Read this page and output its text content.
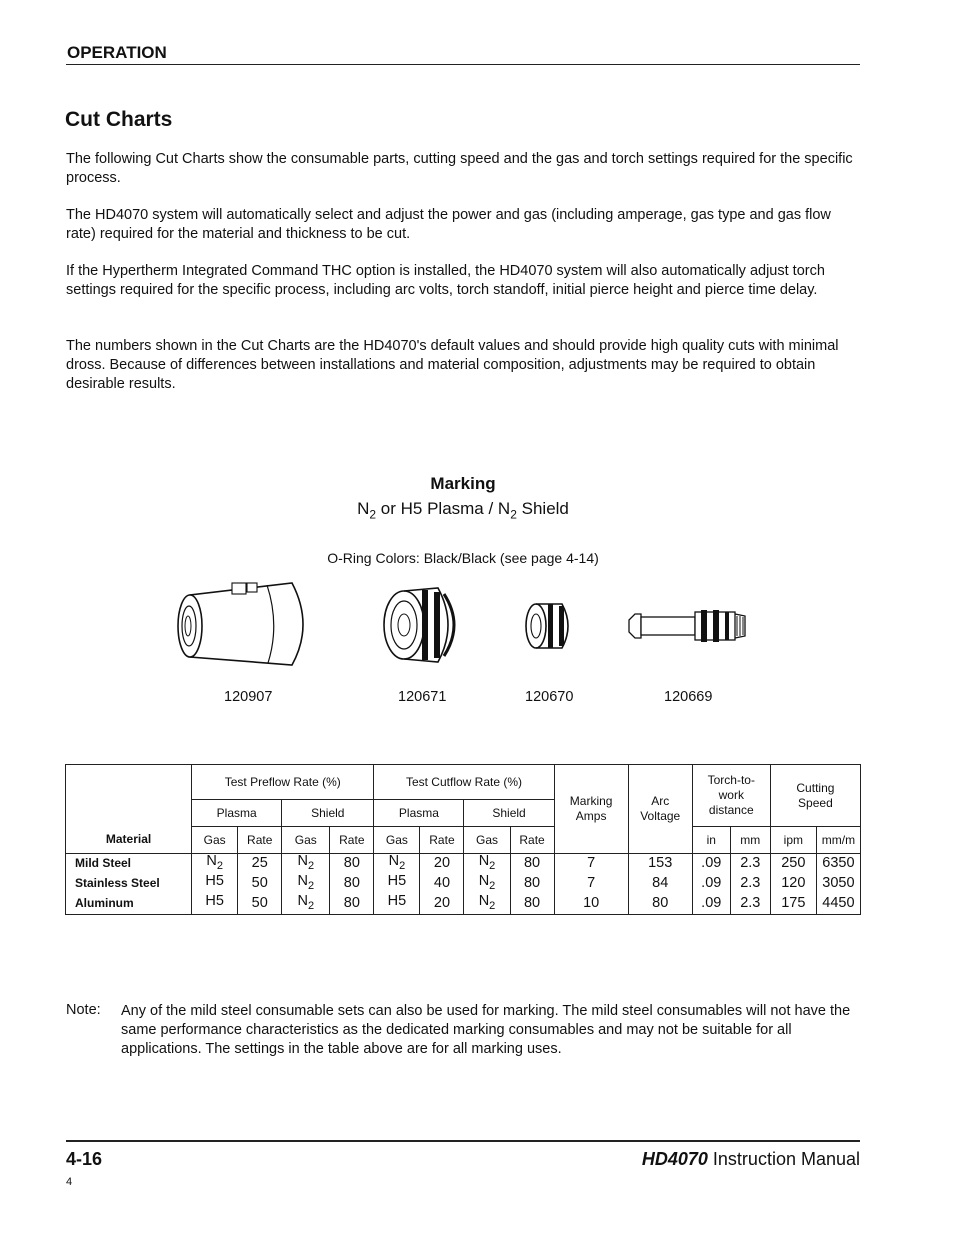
OPERATION
Cut Charts
The following Cut Charts show the consumable parts, cutting speed and the gas and torch settings required for the specific process.
The HD4070 system will automatically select and adjust the power and gas (including amperage, gas type and gas flow rate) required for the material and thickness to be cut.
If the Hypertherm Integrated Command THC option is installed, the HD4070 system will also automatically adjust torch settings required for the specific process, including arc volts, torch standoff, initial pierce height and pierce time delay.
The numbers shown in the Cut Charts are the HD4070's default values and should provide high quality cuts with minimal dross. Because of differences between installations and material composition, adjustments may be required to obtain desirable results.
Marking
$N_2$ or H5 Plasma / $N_2$ Shield
O-Ring Colors: Black/Black (see page 4-14)
120907	120671	120670	120669
Material	Test Preflow Rate (%)				Test Cutflow Rate (%)				Marking Amps	Arc Voltage	Torch-to-work distance		Cutting Speed	
	Plasma		Shield		Plasma		Shield							
	Gas	Rate	Gas	Rate	Gas	Rate	Gas	Rate			in	mm	ipm	mm/m
Mild Steel	$N_2$	25	$N_2$	80	$N_2$	20	$N_2$	80	7	153	.09	2.3	250	6350
Stainless Steel	H5	50	$N_2$	80	H5	40	$N_2$	80	7	84	.09	2.3	120	3050
Aluminum	H5	50	$N_2$	80	H5	20	$N_2$	80	10	80	.09	2.3	175	4450
Note: Any of the mild steel consumable sets can also be used for marking. The mild steel consumables will not have the same performance characteristics as the dedicated marking consumables and may not be suitable for all applications. The settings in the table above are for all marking uses.
4-16	HD4070 Instruction Manual
4
